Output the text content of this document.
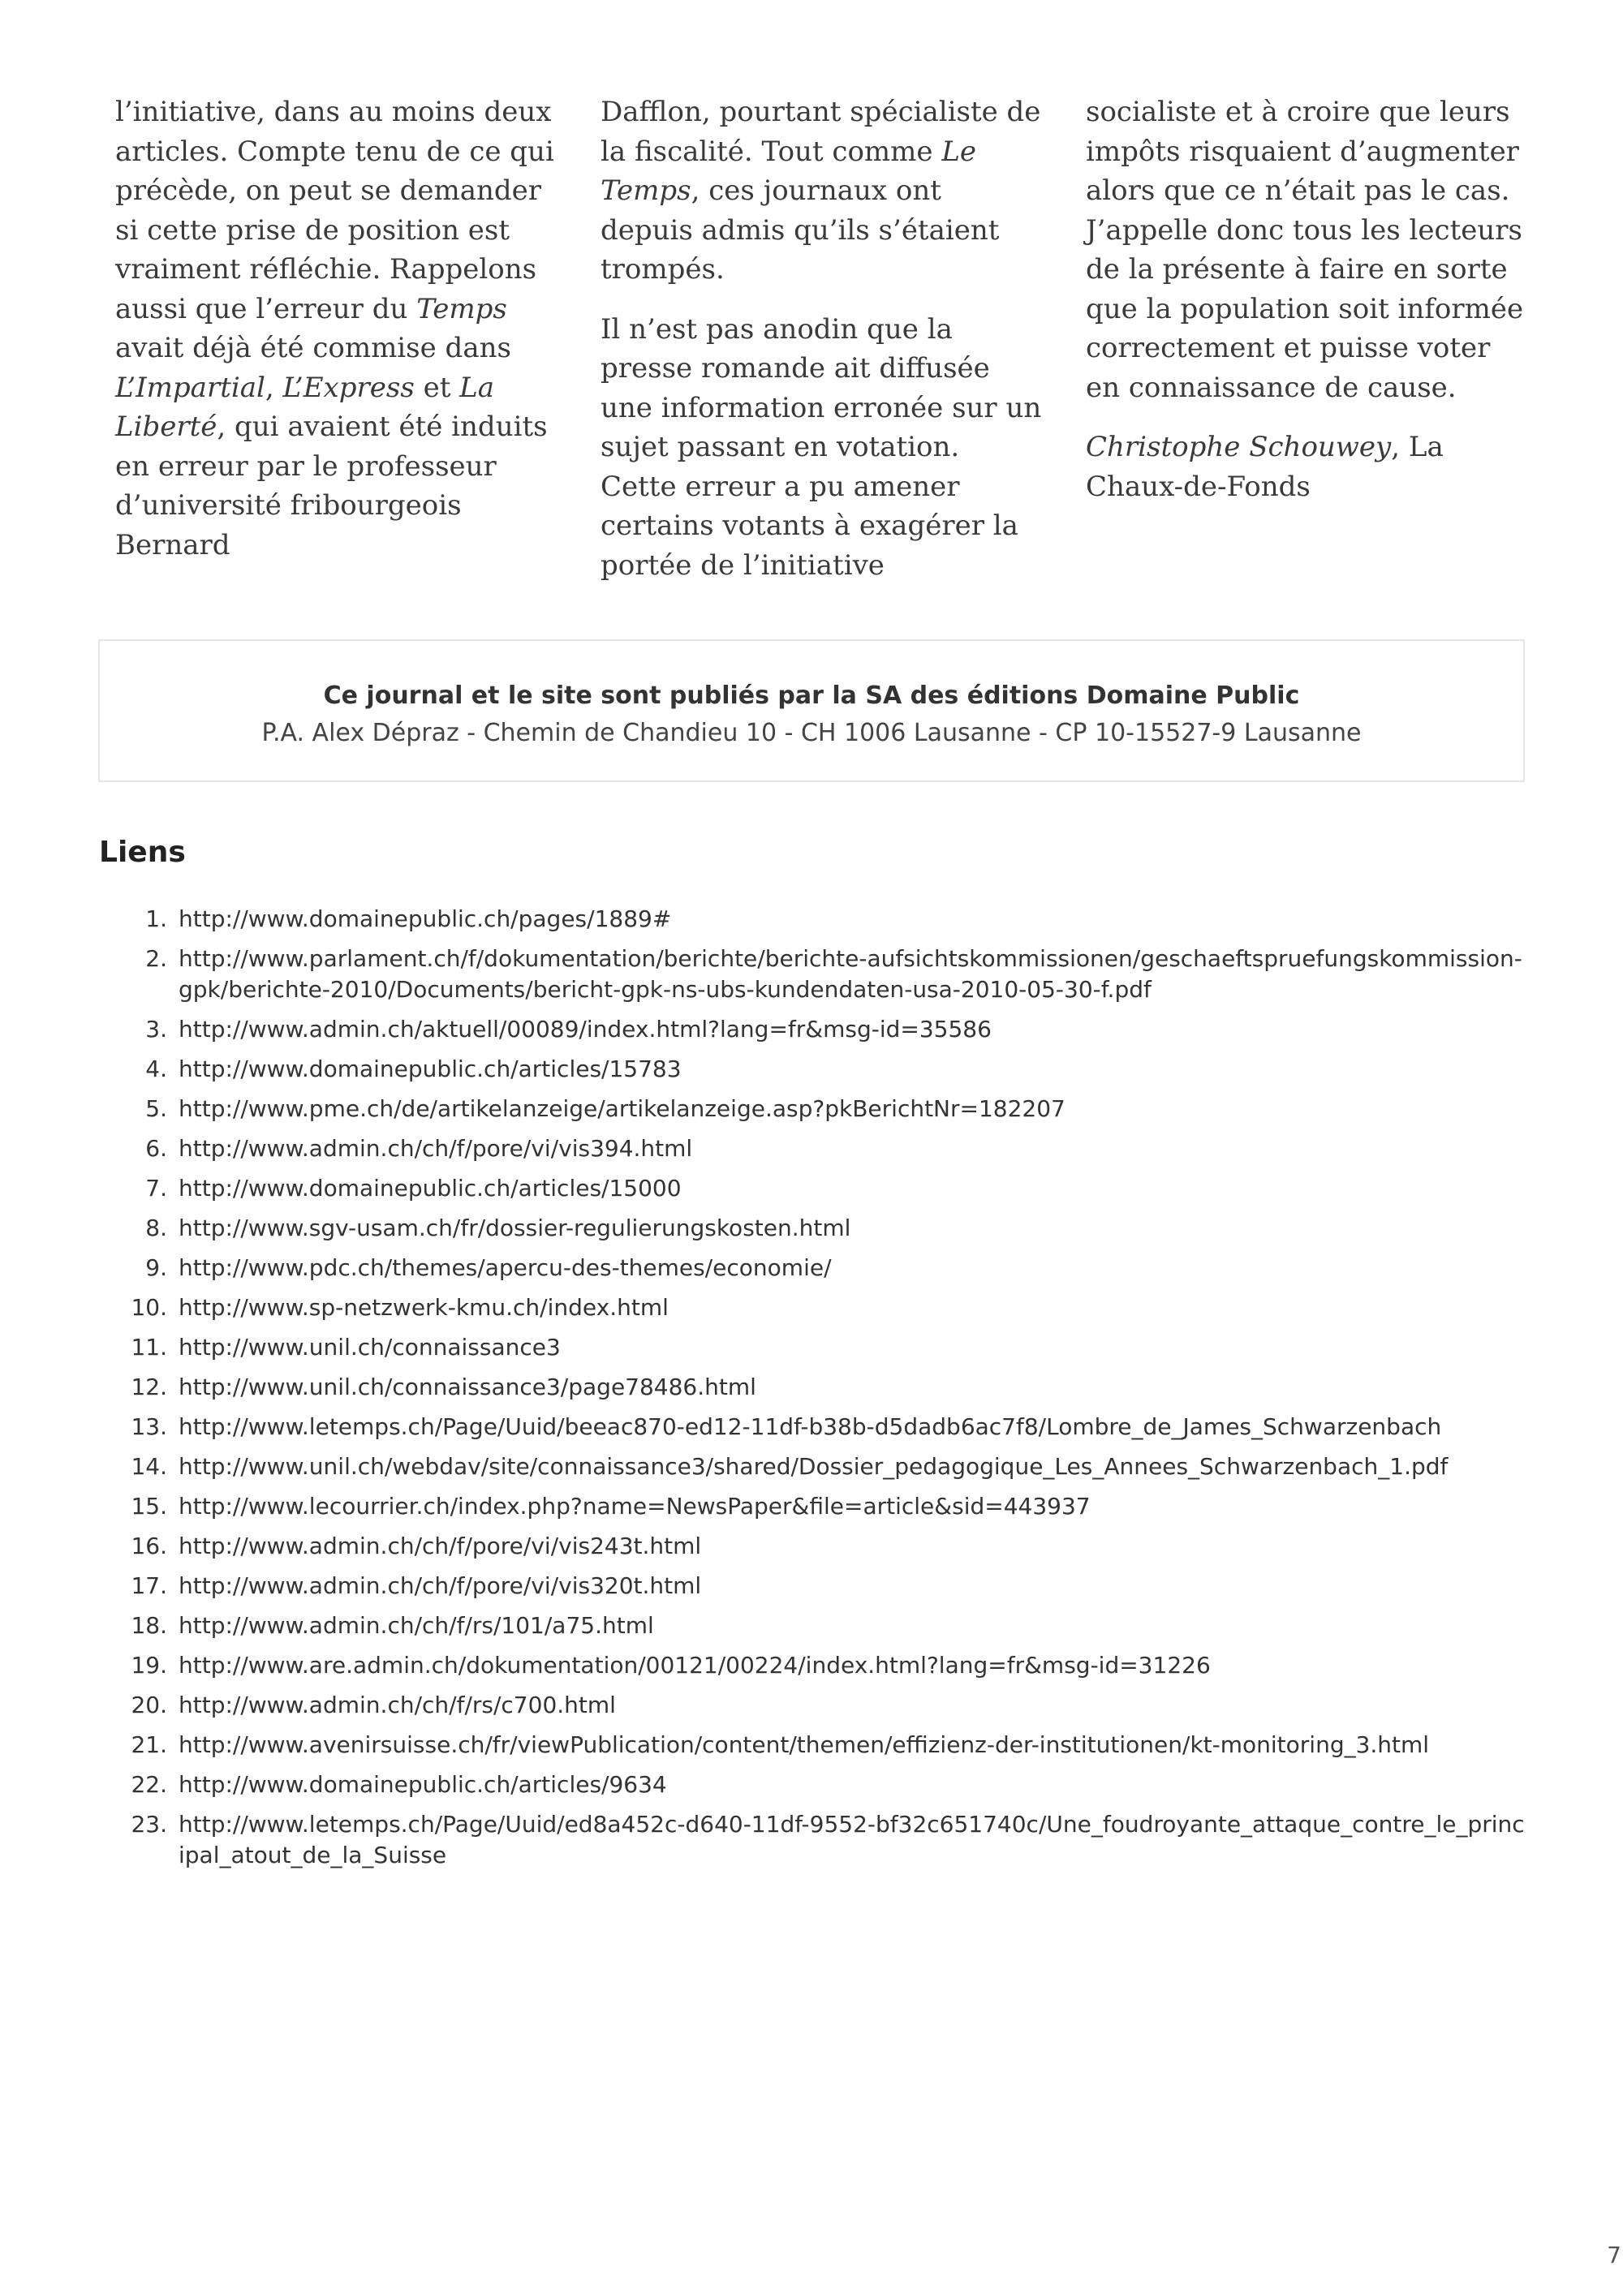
l’initiative, dans au moins deux articles. Compte tenu de ce qui précède, on peut se demander si cette prise de position est vraiment réfléchie. Rappelons aussi que l’erreur du Temps avait déjà été commise dans L’Impartial, L’Express et La Liberté, qui avaient été induits en erreur par le professeur d’université fribourgeois Bernard

Dafflon, pourtant spécialiste de la fiscalité. Tout comme Le Temps, ces journaux ont depuis admis qu’ils s’étaient trompés.

Il n’est pas anodin que la presse romande ait diffusée une information erronée sur un sujet passant en votation. Cette erreur a pu amener certains votants à exagérer la portée de l’initiative

socialiste et à croire que leurs impôts risquaient d’augmenter alors que ce n’était pas le cas. J’appelle donc tous les lecteurs de la présente à faire en sorte que la population soit informée correctement et puisse voter en connaissance de cause.

Christophe Schouwey, La Chaux-de-Fonds

Ce journal et le site sont publiés par la SA des éditions Domaine Public
P.A. Alex Dépraz - Chemin de Chandieu 10 - CH 1006 Lausanne - CP 10-15527-9 Lausanne
Liens
1. http://www.domainepublic.ch/pages/1889#
2. http://www.parlament.ch/f/dokumentation/berichte/berichte-aufsichtskommissionen/geschaeftspruefungskommission-gpk/berichte-2010/Documents/bericht-gpk-ns-ubs-kundendaten-usa-2010-05-30-f.pdf
3. http://www.admin.ch/aktuell/00089/index.html?lang=fr&msg-id=35586
4. http://www.domainepublic.ch/articles/15783
5. http://www.pme.ch/de/artikelanzeige/artikelanzeige.asp?pkBerichtNr=182207
6. http://www.admin.ch/ch/f/pore/vi/vis394.html
7. http://www.domainepublic.ch/articles/15000
8. http://www.sgv-usam.ch/fr/dossier-regulierungskosten.html
9. http://www.pdc.ch/themes/apercu-des-themes/economie/
10. http://www.sp-netzwerk-kmu.ch/index.html
11. http://www.unil.ch/connaissance3
12. http://www.unil.ch/connaissance3/page78486.html
13. http://www.letemps.ch/Page/Uuid/beeac870-ed12-11df-b38b-d5dadb6ac7f8/Lombre_de_James_Schwarzenbach
14. http://www.unil.ch/webdav/site/connaissance3/shared/Dossier_pedagogique_Les_Annees_Schwarzenbach_1.pdf
15. http://www.lecourrier.ch/index.php?name=NewsPaper&file=article&sid=443937
16. http://www.admin.ch/ch/f/pore/vi/vis243t.html
17. http://www.admin.ch/ch/f/pore/vi/vis320t.html
18. http://www.admin.ch/ch/f/rs/101/a75.html
19. http://www.are.admin.ch/dokumentation/00121/00224/index.html?lang=fr&msg-id=31226
20. http://www.admin.ch/ch/f/rs/c700.html
21. http://www.avenirsuisse.ch/fr/viewPublication/content/themen/effizienz-der-institutionen/kt-monitoring_3.html
22. http://www.domainepublic.ch/articles/9634
23. http://www.letemps.ch/Page/Uuid/ed8a452c-d640-11df-9552-bf32c651740c/Une_foudroyante_attaque_contre_le_principal_atout_de_la_Suisse
7
